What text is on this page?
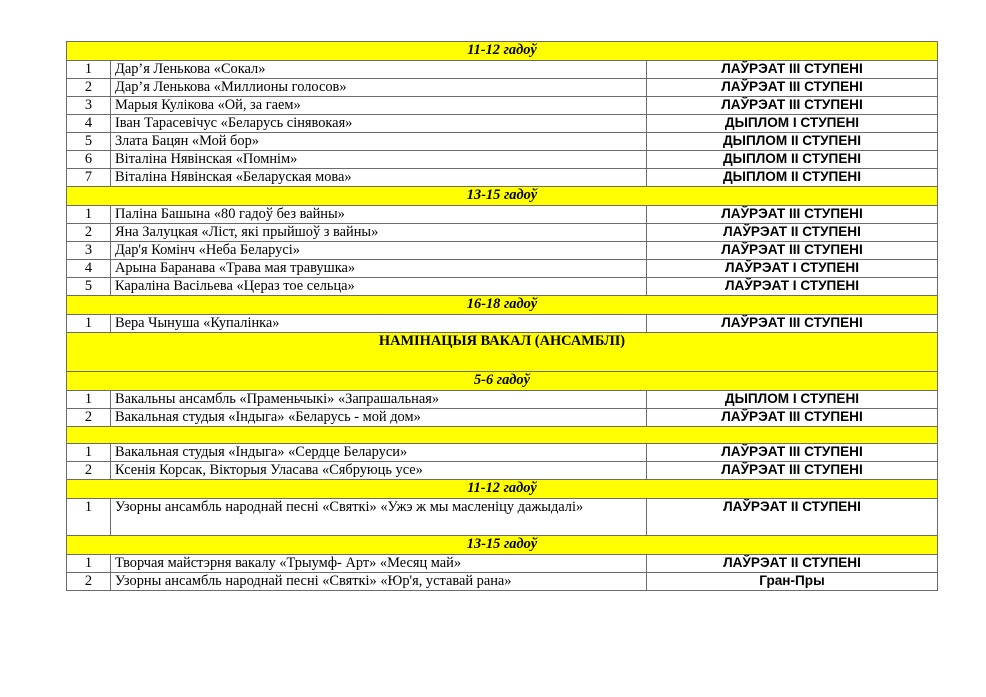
11-12 гадоў		
1	Дар’я Ленькова «Сокал»	ЛАЎРЭАТ ІІІ СТУПЕНІ
2	Дар’я Ленькова «Миллионы голосов»	ЛАЎРЭАТ ІІІ СТУПЕНІ
3	Марыя Кулікова «Ой, за гаем»	ЛАЎРЭАТ ІІІ СТУПЕНІ
4	Іван Тарасевічус «Беларусь сінявокая»	ДЫПЛОМ І СТУПЕНІ
5	Злата Бацян «Мой бор»	ДЫПЛОМ ІІ СТУПЕНІ
6	Віталіна Нявінская «Помнім»	ДЫПЛОМ ІІ СТУПЕНІ
7	Віталіна Нявінская «Беларуская мова»	ДЫПЛОМ ІІ СТУПЕНІ
13-15 гадоў		
1	Паліна Башына «80 гадоў без вайны»	ЛАЎРЭАТ ІІІ СТУПЕНІ
2	Яна Залуцкая «Ліст, які прыйшоў з вайны»	ЛАЎРЭАТ ІІ СТУПЕНІ
3	Дар'я Комінч «Неба Беларусі»	ЛАЎРЭАТ ІІІ СТУПЕНІ
4	Арына Баранава «Трава мая травушка»	ЛАЎРЭАТ І СТУПЕНІ
5	Караліна Васільева «Цераз тое сельца»	ЛАЎРЭАТ І СТУПЕНІ
16-18 гадоў		
1	Вера Чынуша «Купалінка»	ЛАЎРЭАТ ІІІ СТУПЕНІ
НАМІНАЦЫЯ ВАКАЛ (АНСАМБЛІ)		
5-6 гадоў		
1	Вакальны ансамбль «Праменьчыкі» «Запрашальная»	ДЫПЛОМ І СТУПЕНІ
2	Вакальная студыя «Індыга» «Беларусь - мой дом»	ЛАЎРЭАТ ІІІ СТУПЕНІ

1	Вакальная студыя «Індыга» «Сердце Беларуси»	ЛАЎРЭАТ ІІІ СТУПЕНІ
2	Ксенія Корсак, Вікторыя Уласава «Сябруюць усе»	ЛАЎРЭАТ ІІІ СТУПЕНІ
11-12 гадоў		
1	Узорны ансамбль народнай песні «Святкі» «Ужэ ж мы масленіцу дажыдалі»	ЛАЎРЭАТ ІІ СТУПЕНІ
13-15 гадоў		
1	Творчая майстэрня вакалу «Трыумф- Арт» «Месяц май»	ЛАЎРЭАТ ІІ СТУПЕНІ
2	Узорны ансамбль народнай песні «Святкі» «Юр'я, уставай рана»	Гран-Пры
